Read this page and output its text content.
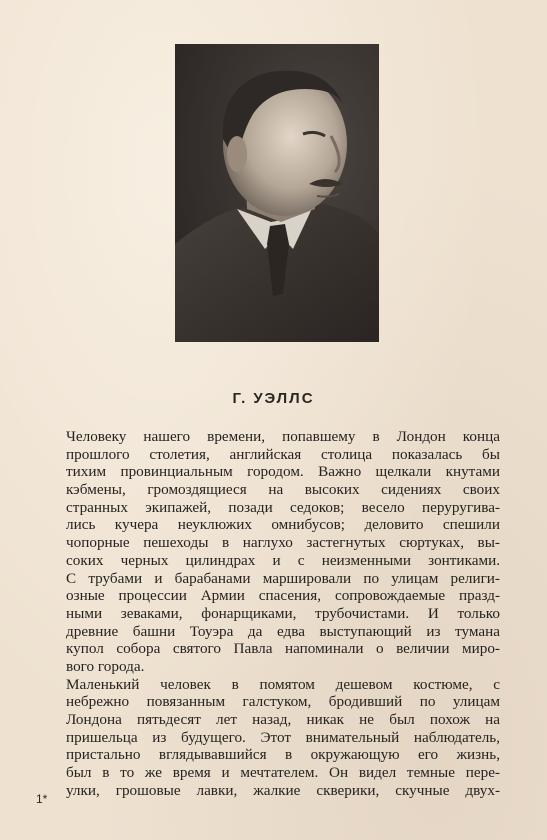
Г. УЭЛЛС
Человеку нашего времени, попавшему в Лондон конца
прошлого столетия, английская столица показалась бы
тихим провинциальным городом. Важно щелкали кнутами
кэбмены, громоздящиеся на высоких сидениях своих
странных экипажей, позади седоков; весело перуругива-
лись кучера неуклюжих омнибусов; деловито спешили
чопорные пешеходы в наглухо застегнутых сюртуках, вы-
соких черных цилиндрах и с неизменными зонтиками.
С трубами и барабанами маршировали по улицам религи-
озные процессии Армии спасения, сопровождаемые празд-
ными зеваками, фонарщиками, трубочистами. И только
древние башни Тоуэра да едва выступающий из тумана
купол собора святого Павла напоминали о величии миро-
вого города.
Маленький человек в помятом дешевом костюме, с
небрежно повязанным галстуком, бродивший по улицам
Лондона пятьдесят лет назад, никак не был похож на
пришельца из будущего. Этот внимательный наблюдатель,
пристально вглядывавшийся в окружающую его жизнь,
был в то же время и мечтателем. Он видел темные пере-
улки, грошовые лавки, жалкие скверики, скучные двух-
1*
